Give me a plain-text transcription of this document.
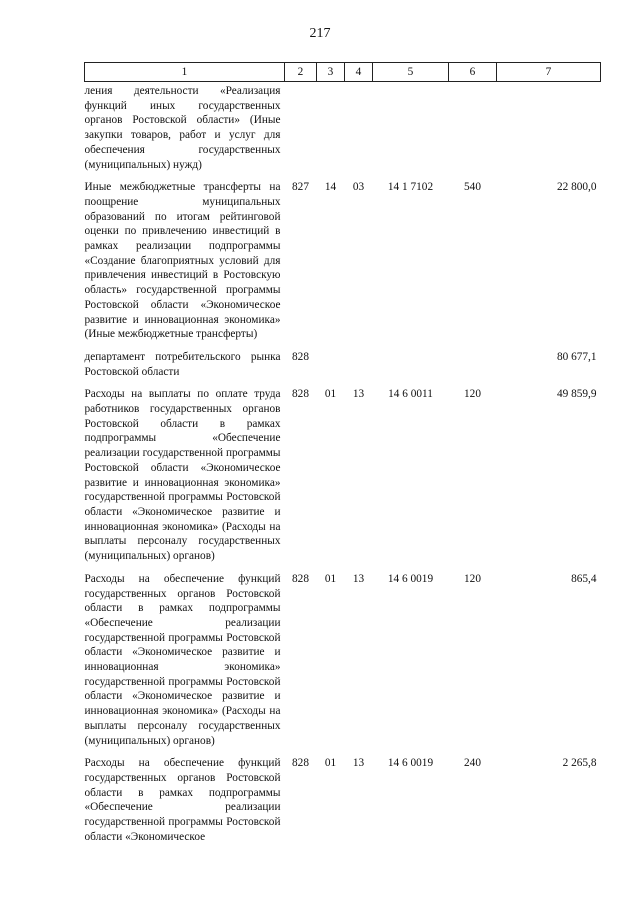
217
1	2	3	4	5	6	7
ления деятельности «Реализация функций иных государственных органов Ростовской области» (Иные закупки товаров, работ и услуг для обеспечения государственных (муниципальных) нужд)						
Иные межбюджетные трансферты на поощрение муниципальных образований по итогам рейтинговой оценки по привлечению инвестиций в рамках реализации подпрограммы «Создание благоприятных условий для привлечения инвестиций в Ростовскую область» государственной программы Ростовской области «Экономическое развитие и инновационная экономика» (Иные межбюджетные трансферты)	827	14	03	14 1 7102	540	22 800,0
департамент потребительского рынка Ростовской области	828					80 677,1
Расходы на выплаты по оплате труда работников государственных органов Ростовской области в рамках подпрограммы «Обеспечение реализации государственной программы Ростовской области «Экономическое развитие и инновационная экономика» государственной программы Ростовской области «Экономическое развитие и инновационная экономика» (Расходы на выплаты персоналу государственных (муниципальных) органов)	828	01	13	14 6 0011	120	49 859,9
Расходы на обеспечение функций государственных органов Ростовской области в рамках подпрограммы «Обеспечение реализации государственной программы Ростовской области «Экономическое развитие и инновационная экономика» государственной программы Ростовской области «Экономическое развитие и инновационная экономика» (Расходы на выплаты персоналу государственных (муниципальных) органов)	828	01	13	14 6 0019	120	865,4
Расходы на обеспечение функций государственных органов Ростовской области в рамках подпрограммы «Обеспечение реализации государственной программы Ростовской области «Экономическое	828	01	13	14 6 0019	240	2 265,8
